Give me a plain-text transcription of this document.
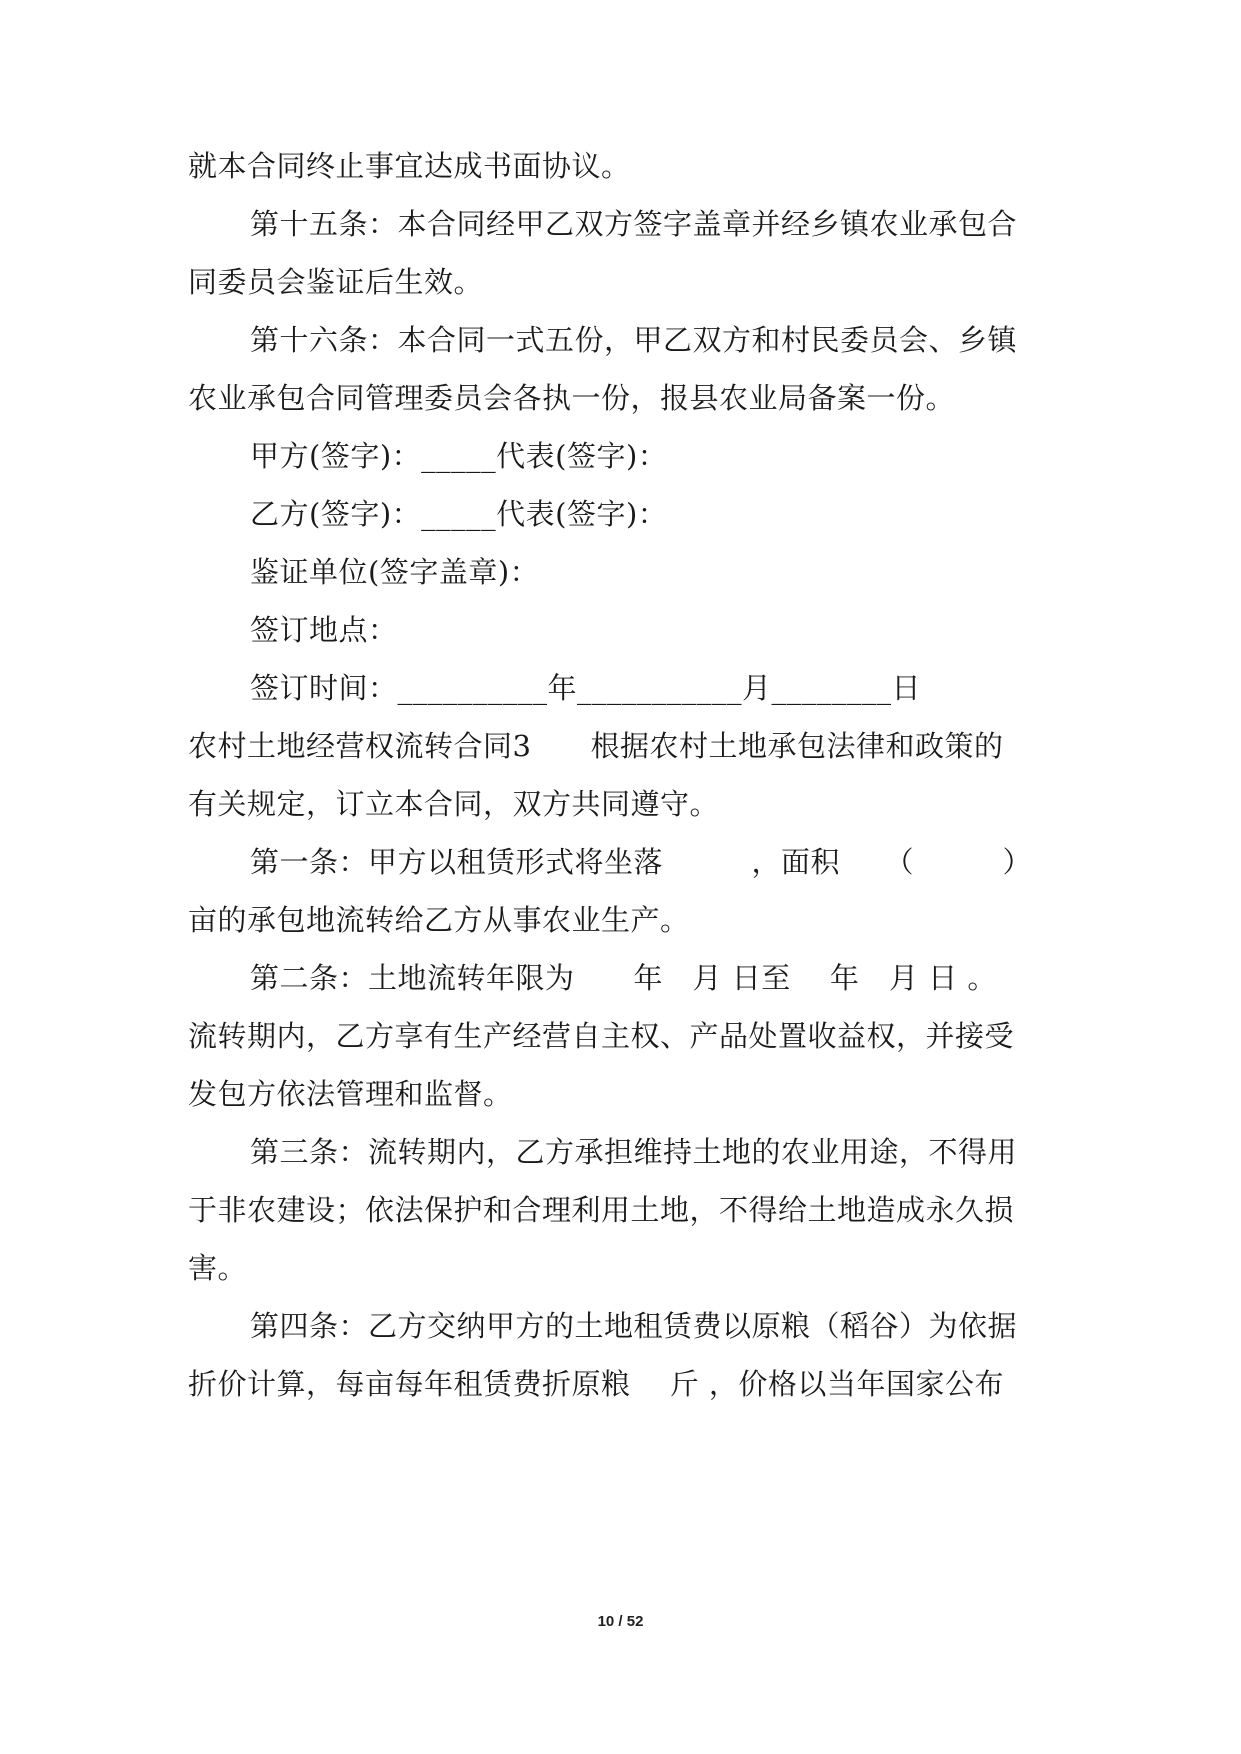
就本合同终止事宜达成书面协议。
第十五条：本合同经甲乙双方签字盖章并经乡镇农业承包合
同委员会鉴证后生效。
第十六条：本合同一式五份，甲乙双方和村民委员会、乡镇
农业承包合同管理委员会各执一份，报县农业局备案一份。
甲方(签字)：_____代表(签字)：
乙方(签字)：_____代表(签字)：
鉴证单位(签字盖章)：
签订地点：
签订时间：__________年___________月________日
农村土地经营权流转合同3　　根据农村土地承包法律和政策的
有关规定，订立本合同，双方共同遵守。
第一条：甲方以租赁形式将坐落　　　，面积　　（　　　）
亩的承包地流转给乙方从事农业生产。
第二条：土地流转年限为　　年　月 日至　 年　月 日 。
流转期内，乙方享有生产经营自主权、产品处置收益权，并接受
发包方依法管理和监督。
第三条：流转期内，乙方承担维持土地的农业用途，不得用
于非农建设；依法保护和合理利用土地，不得给土地造成永久损
害。
第四条：乙方交纳甲方的土地租赁费以原粮（稻谷）为依据
折价计算，每亩每年租赁费折原粮　 斤 ，价格以当年国家公布
10 / 52
